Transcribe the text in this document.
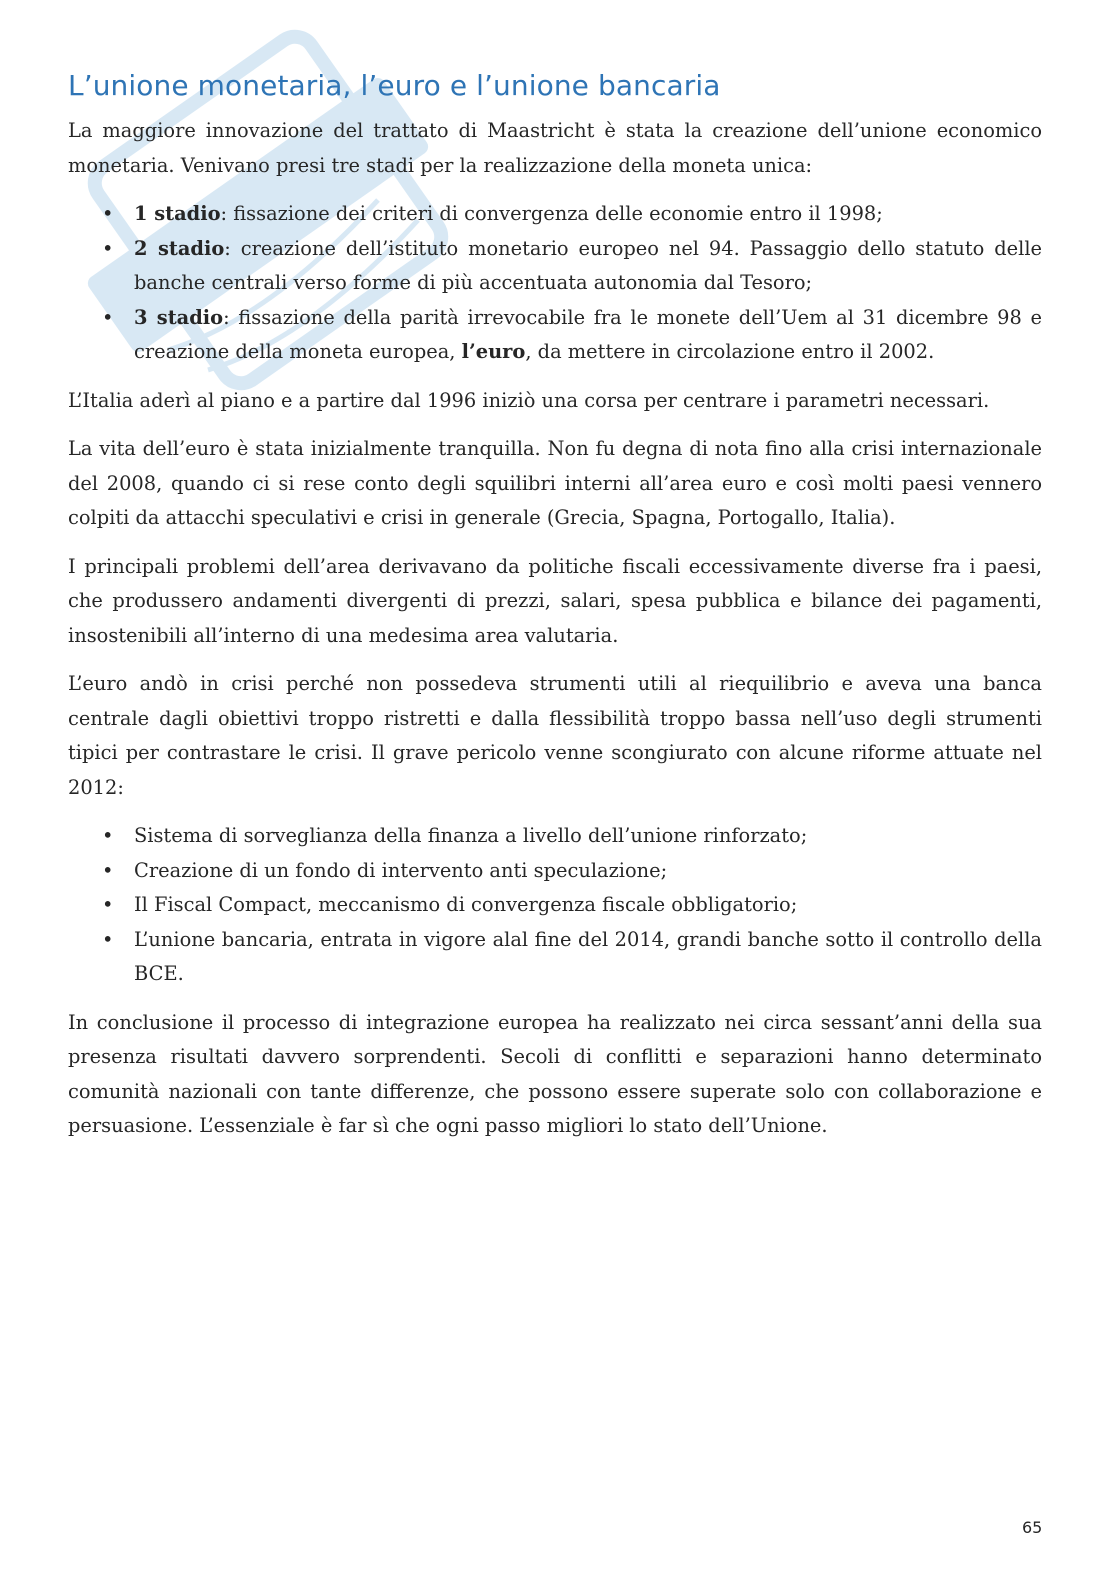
L’unione monetaria, l’euro e l’unione bancaria

La maggiore innovazione del trattato di Maastricht è stata la creazione dell’unione economico monetaria. Venivano presi tre stadi per la realizzazione della moneta unica:

• 1 stadio: fissazione dei criteri di convergenza delle economie entro il 1998;
• 2 stadio: creazione dell’istituto monetario europeo nel 94. Passaggio dello statuto delle banche centrali verso forme di più accentuata autonomia dal Tesoro;
• 3 stadio: fissazione della parità irrevocabile fra le monete dell’Uem al 31 dicembre 98 e creazione della moneta europea, l’euro, da mettere in circolazione entro il 2002.

L’Italia aderì al piano e a partire dal 1996 iniziò una corsa per centrare i parametri necessari.

La vita dell’euro è stata inizialmente tranquilla. Non fu degna di nota fino alla crisi internazionale del 2008, quando ci si rese conto degli squilibri interni all’area euro e così molti paesi vennero colpiti da attacchi speculativi e crisi in generale (Grecia, Spagna, Portogallo, Italia).

I principali problemi dell’area derivavano da politiche fiscali eccessivamente diverse fra i paesi, che produssero andamenti divergenti di prezzi, salari, spesa pubblica e bilance dei pagamenti, insostenibili all’interno di una medesima area valutaria.

L’euro andò in crisi perché non possedeva strumenti utili al riequilibrio e aveva una banca centrale dagli obiettivi troppo ristretti e dalla flessibilità troppo bassa nell’uso degli strumenti tipici per contrastare le crisi. Il grave pericolo venne scongiurato con alcune riforme attuate nel 2012:

• Sistema di sorveglianza della finanza a livello dell’unione rinforzato;
• Creazione di un fondo di intervento anti speculazione;
• Il Fiscal Compact, meccanismo di convergenza fiscale obbligatorio;
• L’unione bancaria, entrata in vigore alal fine del 2014, grandi banche sotto il controllo della BCE.

In conclusione il processo di integrazione europea ha realizzato nei circa sessant’anni della sua presenza risultati davvero sorprendenti. Secoli di conflitti e separazioni hanno determinato comunità nazionali con tante differenze, che possono essere superate solo con collaborazione e persuasione. L’essenziale è far sì che ogni passo migliori lo stato dell’Unione.

65
